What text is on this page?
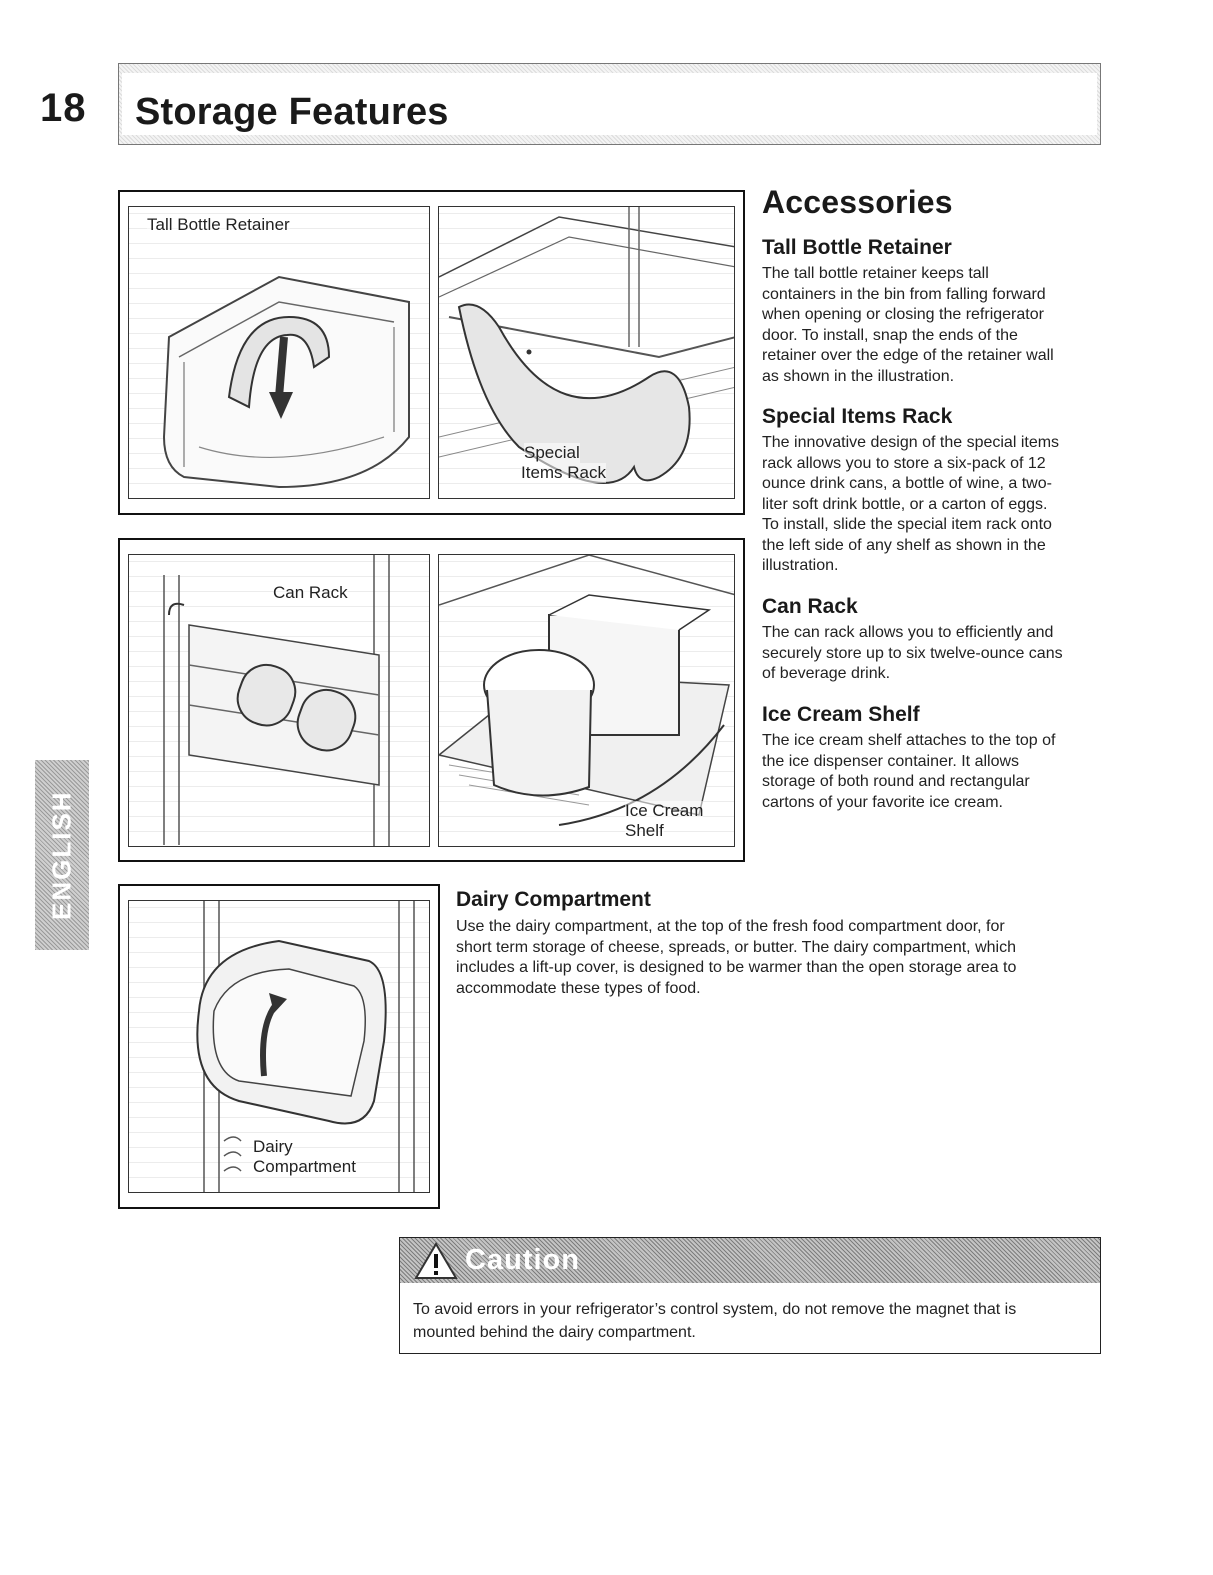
18 Storage Features
ENGLISH
Tall Bottle Retainer
Special
Items Rack
Can Rack
Ice Cream
Shelf
Dairy
Compartment
Accessories
Tall Bottle Retainer
The tall bottle retainer keeps tall
containers in the bin from falling forward
when opening or closing the refrigerator
door. To install, snap the ends of the
retainer over the edge of the retainer wall
as shown in the illustration.
Special Items Rack
The innovative design of the special items
rack allows you to store a six-pack of 12
ounce drink cans, a bottle of wine, a two-
liter soft drink bottle, or a carton of eggs.
To install, slide the special item rack onto
the left side of any shelf as shown in the
illustration.
Can Rack
The can rack allows you to efficiently and
securely store up to six twelve-ounce cans
of beverage drink.
Ice Cream Shelf
The ice cream shelf attaches to the top of
the ice dispenser container. It allows
storage of both round and rectangular
cartons of your favorite ice cream.
Dairy Compartment
Use the dairy compartment, at the top of the fresh food compartment door, for
short term storage of cheese, spreads, or butter. The dairy compartment, which
includes a lift-up cover, is designed to be warmer than the open storage area to
accommodate these types of food.
Caution
To avoid errors in your refrigerator’s control system, do not remove the magnet that is
mounted behind the dairy compartment.
